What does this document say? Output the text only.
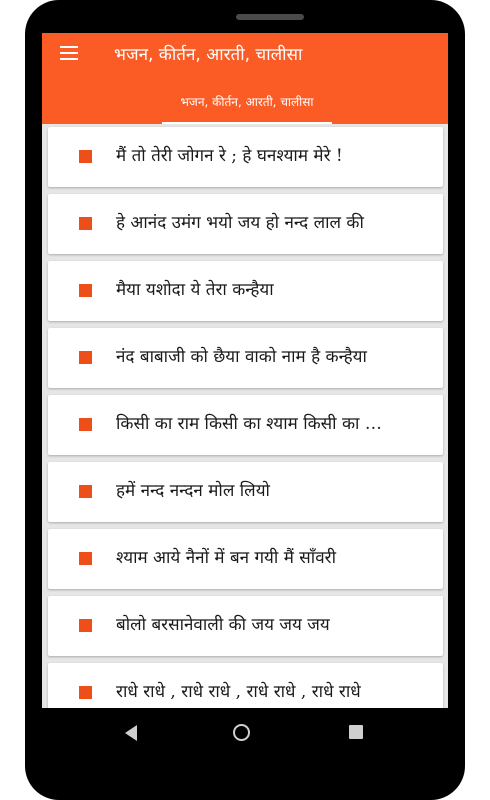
भजन, कीर्तन, आरती, चालीसा
भजन, कीर्तन, आरती, चालीसा
मैं तो तेरी जोगन रे ; हे घनश्याम मेरे !
हे आनंद उमंग भयो जय हो नन्द लाल की
मैया यशोदा ये तेरा कन्हैया
नंद बाबाजी को छैया वाको नाम है कन्हैया
किसी का राम किसी का श्याम किसी का …
हमें नन्द नन्दन मोल लियो
श्याम आये नैनों में बन गयी मैं साँवरी
बोलो बरसानेवाली की जय जय जय
राधे राधे , राधे राधे , राधे राधे , राधे राधे
